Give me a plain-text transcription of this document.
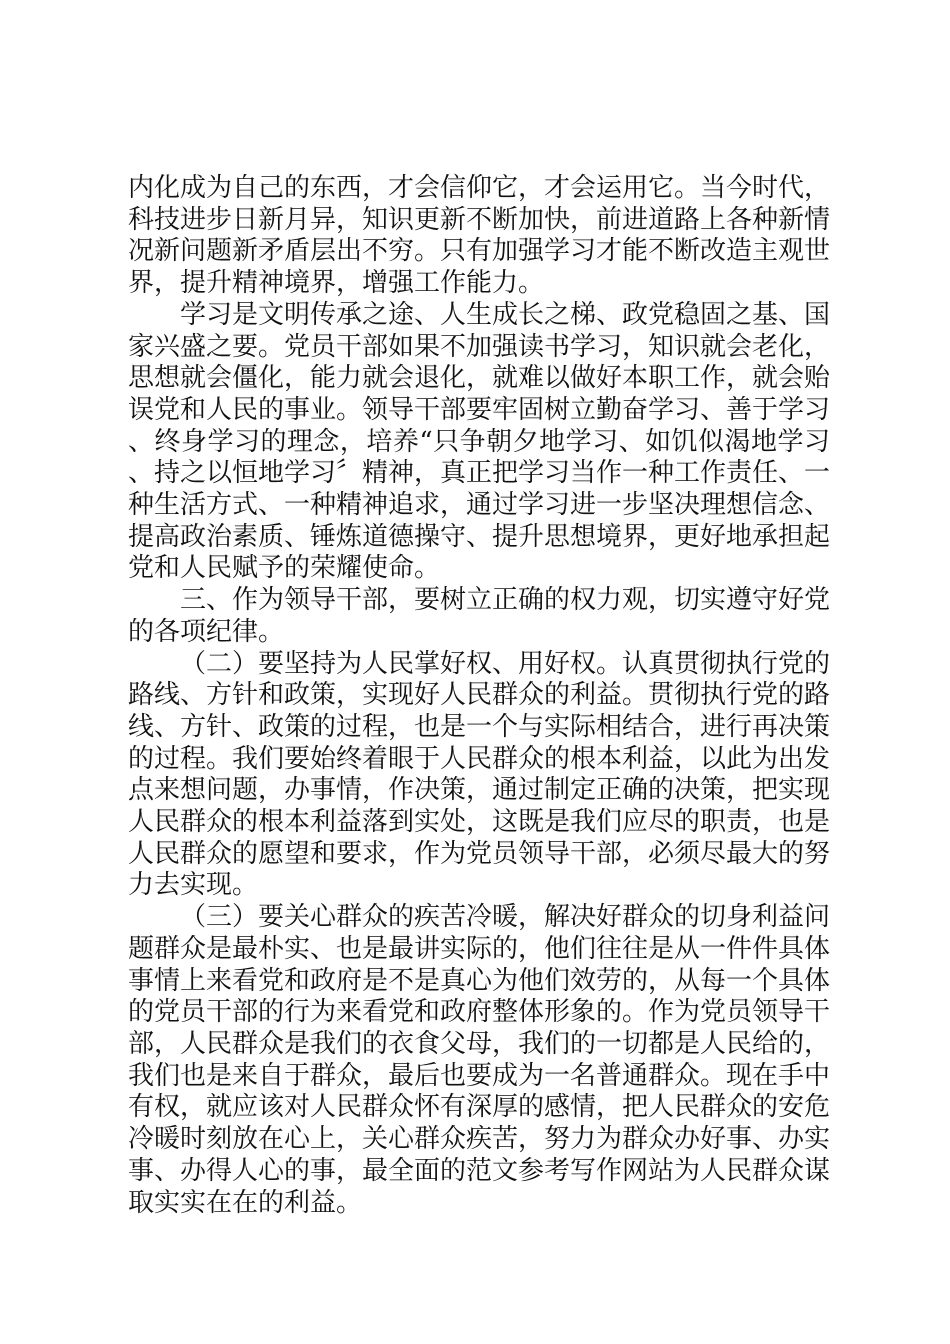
内化成为自己的东西，才会信仰它，才会运用它。当今时代，科技进步日新月异，知识更新不断加快，前进道路上各种新情况新问题新矛盾层出不穷。只有加强学习才能不断改造主观世界，提升精神境界，增强工作能力。

学习是文明传承之途、人生成长之梯、政党稳固之基、国家兴盛之要。党员干部如果不加强读书学习，知识就会老化，思想就会僵化，能力就会退化，就难以做好本职工作，就会贻误党和人民的事业。领导干部要牢固树立勤奋学习、善于学习、终身学习的理念，培养“只争朝夕地学习、如饥似渴地学习、持之以恒地学习〞精神，真正把学习当作一种工作责任、一种生活方式、一种精神追求，通过学习进一步坚决理想信念、提高政治素质、锤炼道德操守、提升思想境界，更好地承担起党和人民赋予的荣耀使命。

三、作为领导干部，要树立正确的权力观，切实遵守好党的各项纪律。

（二）要坚持为人民掌好权、用好权。认真贯彻执行党的路线、方针和政策，实现好人民群众的利益。贯彻执行党的路线、方针、政策的过程，也是一个与实际相结合，进行再决策的过程。我们要始终着眼于人民群众的根本利益，以此为出发点来想问题，办事情，作决策，通过制定正确的决策，把实现人民群众的根本利益落到实处，这既是我们应尽的职责，也是人民群众的愿望和要求，作为党员领导干部，必须尽最大的努力去实现。

（三）要关心群众的疾苦冷暖，解决好群众的切身利益问题群众是最朴实、也是最讲实际的，他们往往是从一件件具体事情上来看党和政府是不是真心为他们效劳的，从每一个具体的党员干部的行为来看党和政府整体形象的。作为党员领导干部，人民群众是我们的衣食父母，我们的一切都是人民给的，我们也是来自于群众，最后也要成为一名普通群众。现在手中有权，就应该对人民群众怀有深厚的感情，把人民群众的安危冷暖时刻放在心上，关心群众疾苦，努力为群众办好事、办实事、办得人心的事，最全面的范文参考写作网站为人民群众谋取实实在在的利益。
